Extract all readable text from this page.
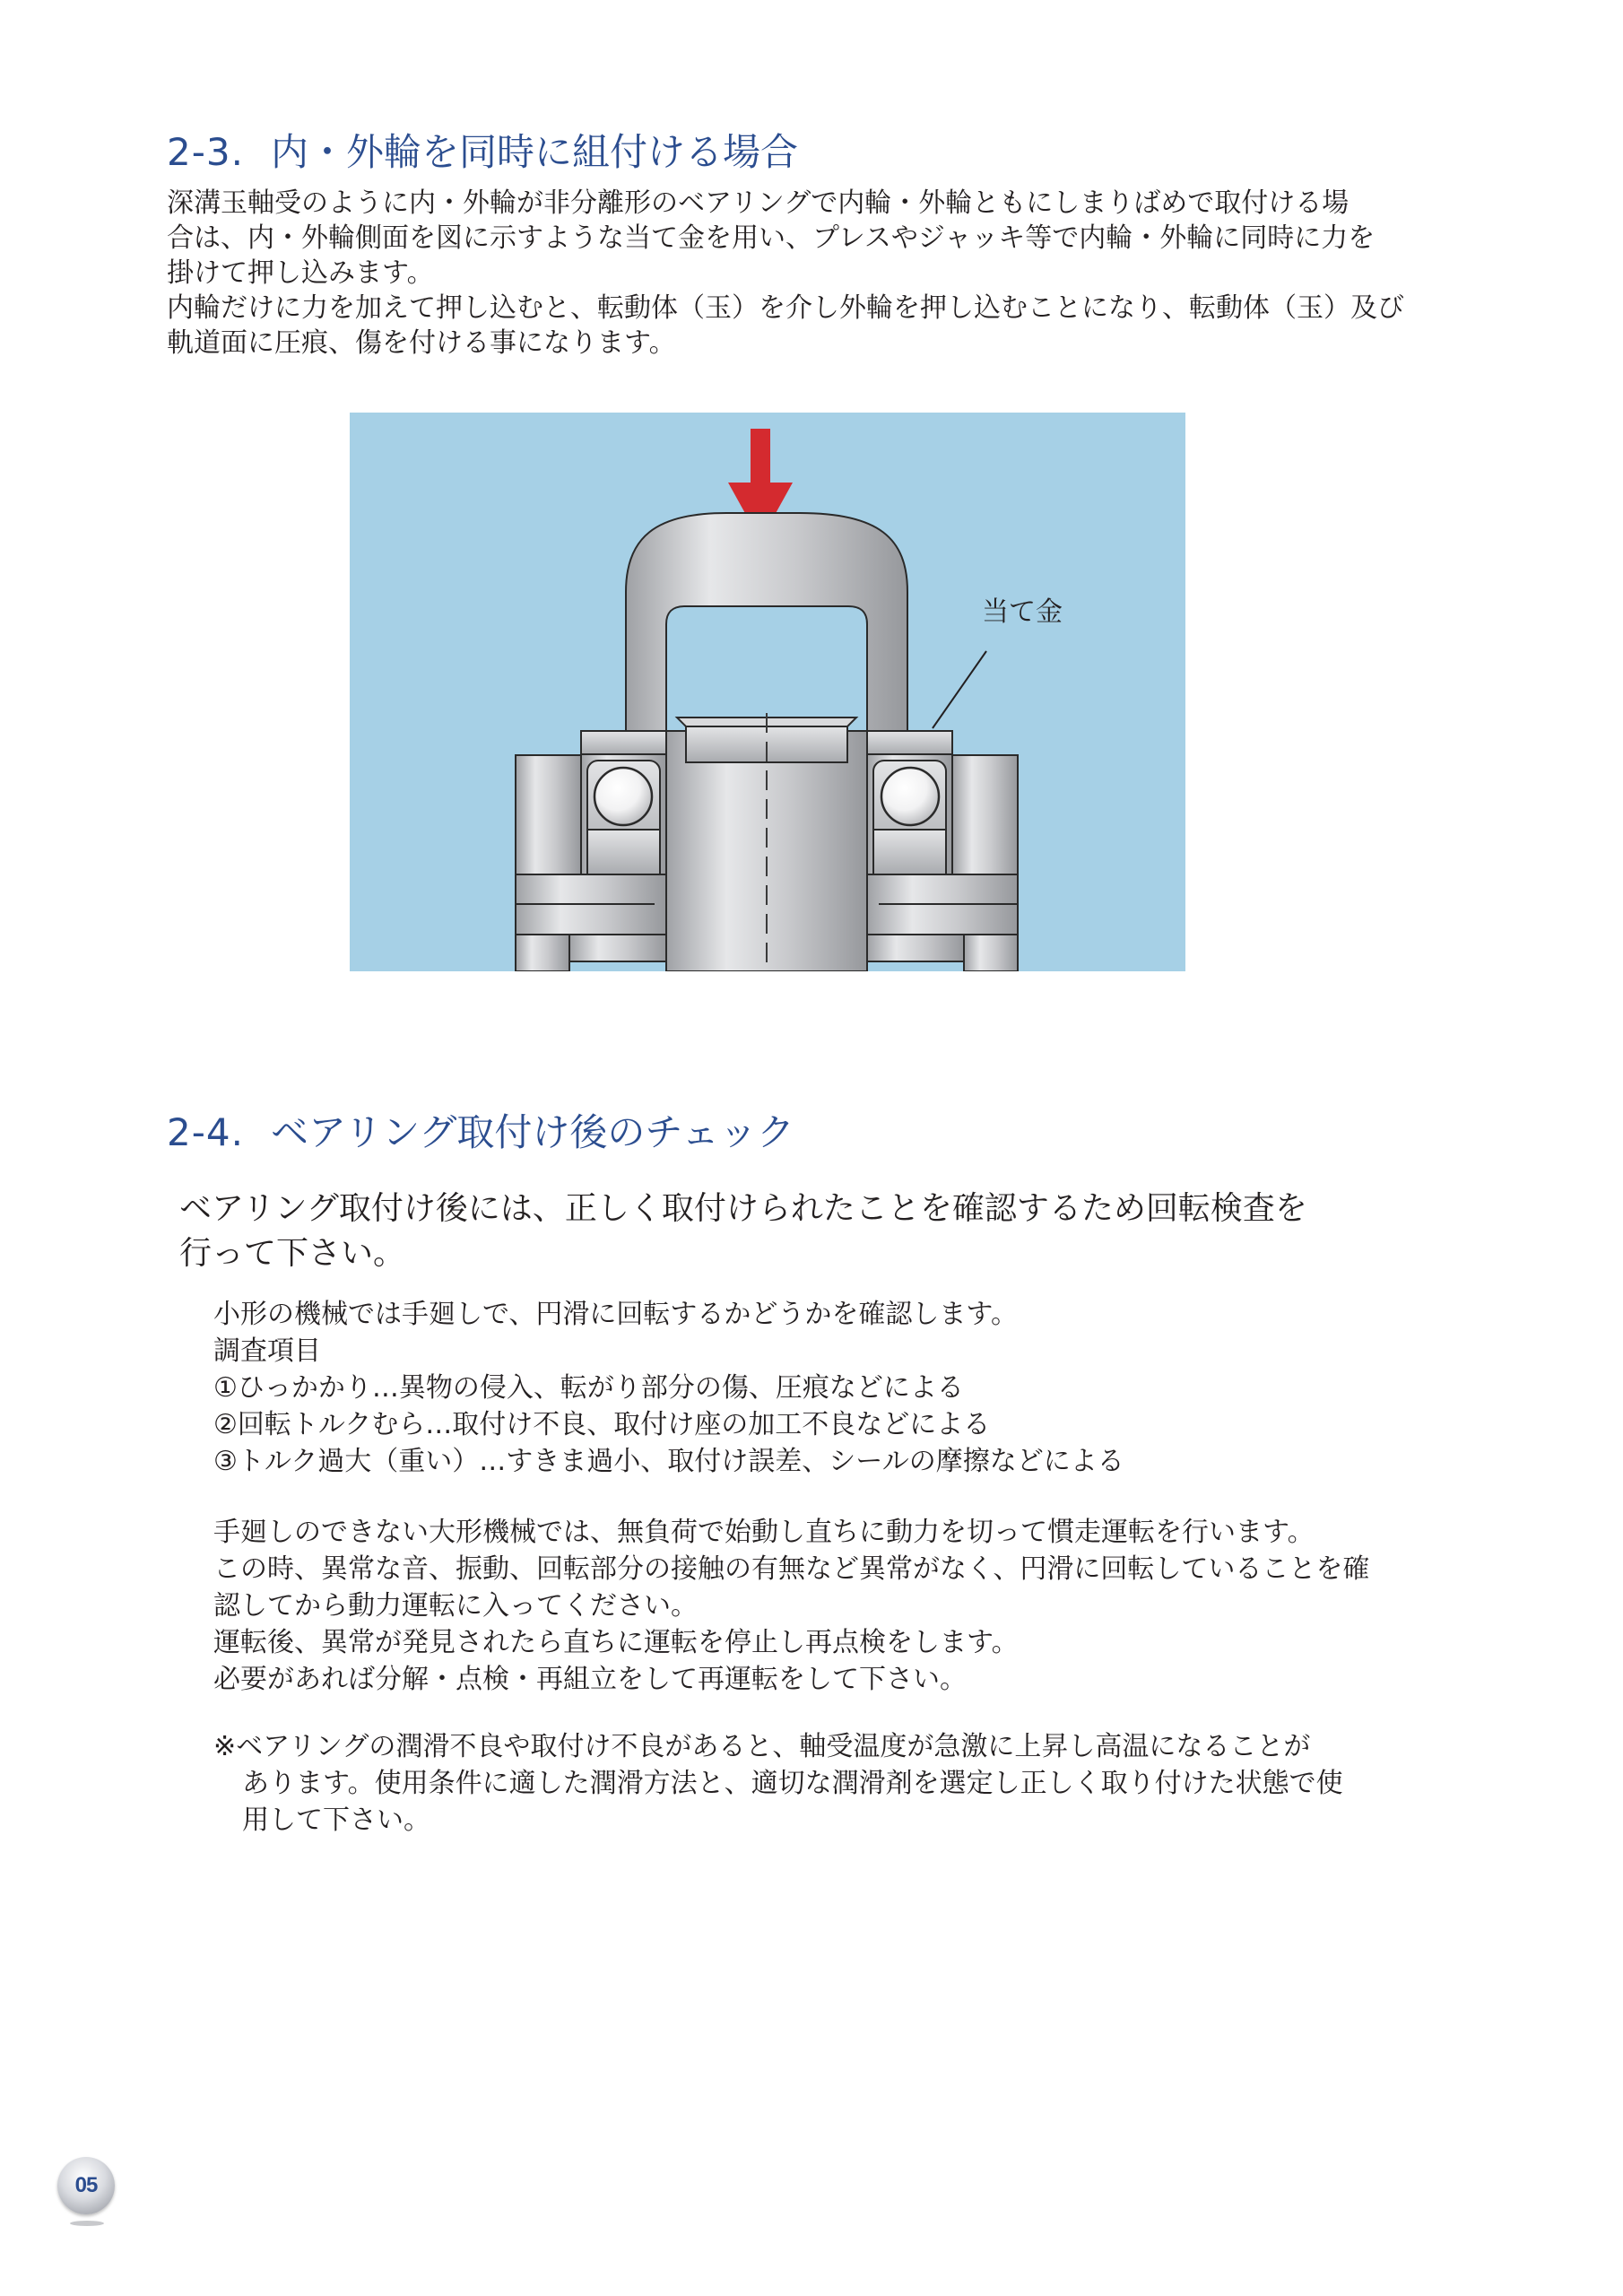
2-3. 内・外輪を同時に組付ける場合
深溝玉軸受のように内・外輪が非分離形のベアリングで内輪・外輪ともにしまりばめで取付ける場
合は、内・外輪側面を図に示すような当て金を用い、プレスやジャッキ等で内輪・外輪に同時に力を
掛けて押し込みます。
内輪だけに力を加えて押し込むと、転動体（玉）を介し外輪を押し込むことになり、転動体（玉）及び
軌道面に圧痕、傷を付ける事になります。
当て金
2-4. ベアリング取付け後のチェック
ベアリング取付け後には、正しく取付けられたことを確認するため回転検査を
行って下さい。
小形の機械では手廻しで、円滑に回転するかどうかを確認します。
調査項目
①ひっかかり…異物の侵入、転がり部分の傷、圧痕などによる
②回転トルクむら…取付け不良、取付け座の加工不良などによる
③トルク過大（重い）…すきま過小、取付け誤差、シールの摩擦などによる
手廻しのできない大形機械では、無負荷で始動し直ちに動力を切って慣走運転を行います。
この時、異常な音、振動、回転部分の接触の有無など異常がなく、円滑に回転していることを確
認してから動力運転に入ってください。
運転後、異常が発見されたら直ちに運転を停止し再点検をします。
必要があれば分解・点検・再組立をして再運転をして下さい。
※ベアリングの潤滑不良や取付け不良があると、軸受温度が急激に上昇し高温になることが
あります。使用条件に適した潤滑方法と、適切な潤滑剤を選定し正しく取り付けた状態で使
用して下さい。
05
